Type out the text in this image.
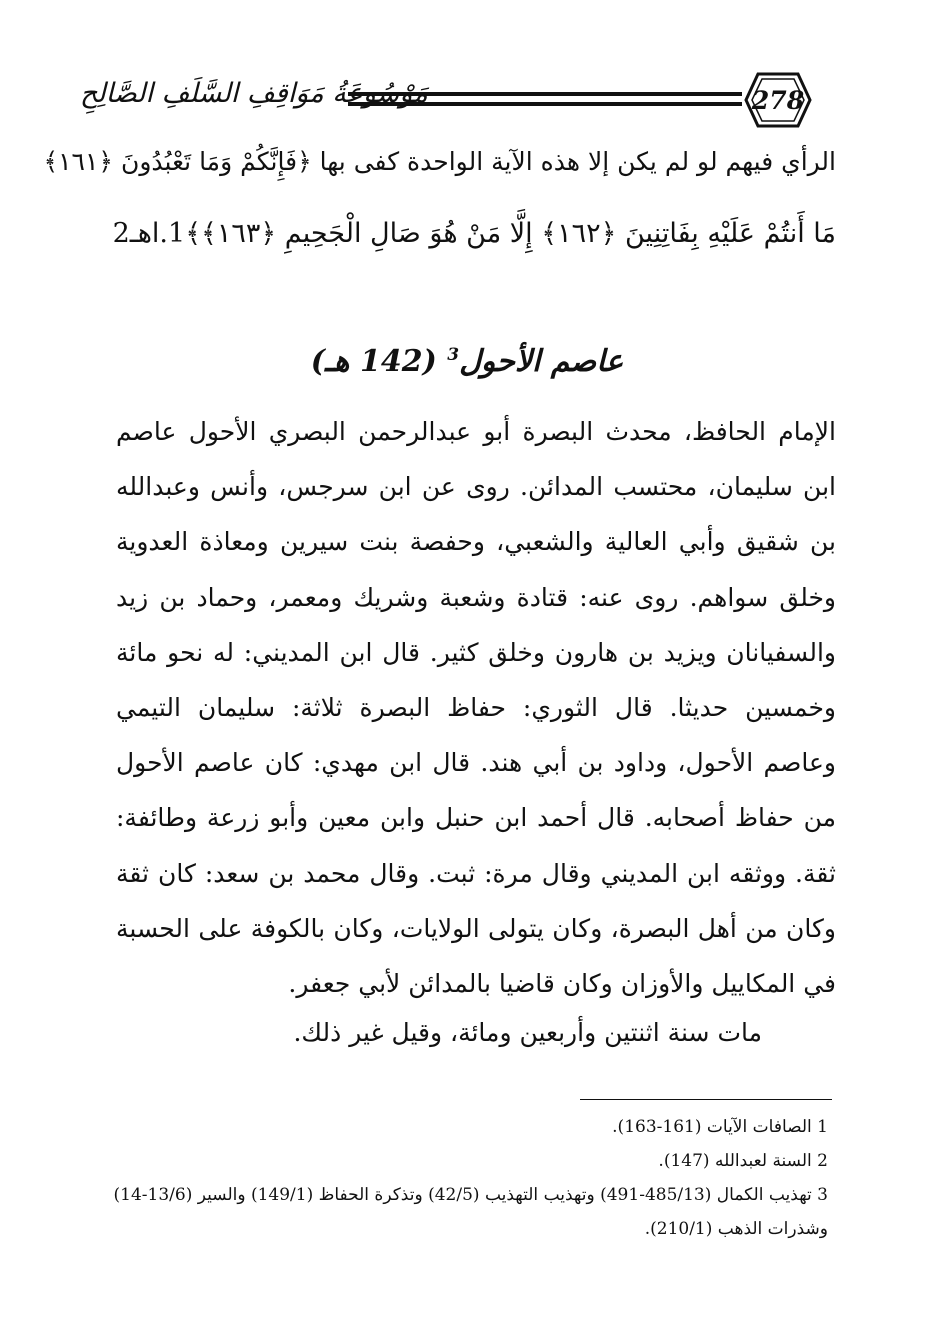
مَوْسُوعَةُ مَوَاقِفِ السَّلَفِ الصَّالِحِ	278
الرأي فيهم لو لم يكن إلا هذه الآية الواحدة كفى بها ﴿فَإِنَّكُمْ وَمَا تَعْبُدُونَ ﴿١٦١﴾
مَا أَنتُمْ عَلَيْهِ بِفَاتِنِينَ ﴿١٦٢﴾ إِلَّا مَنْ هُوَ صَالِ الْجَحِيمِ ﴿١٦٣﴾﴾1.اهـ2
عاصم الأحول$^3$ (142 هـ)
الإمام الحافظ، محدث البصرة أبو عبدالرحمن البصري الأحول عاصم ابن سليمان، محتسب المدائن. روى عن ابن سرجس، وأنس وعبدالله بن شقيق وأبي العالية والشعبي، وحفصة بنت سيرين ومعاذة العدوية وخلق سواهم. روى عنه: قتادة وشعبة وشريك ومعمر، وحماد بن زيد والسفيانان ويزيد بن هارون وخلق كثير. قال ابن المديني: له نحو مائة وخمسين حديثا. قال الثوري: حفاظ البصرة ثلاثة: سليمان التيمي وعاصم الأحول، وداود بن أبي هند. قال ابن مهدي: كان عاصم الأحول من حفاظ أصحابه. قال أحمد ابن حنبل وابن معين وأبو زرعة وطائفة: ثقة. ووثقه ابن المديني وقال مرة: ثبت. وقال محمد بن سعد: كان ثقة وكان من أهل البصرة، وكان يتولى الولايات، وكان بالكوفة على الحسبة في المكاييل والأوزان وكان قاضيا بالمدائن لأبي جعفر.
مات سنة اثنتين وأربعين ومائة، وقيل غير ذلك.

1 الصافات الآيات (161-163).

2 السنة لعبدالله (147).

3 تهذيب الكمال (485/13-491) وتهذيب التهذيب (42/5) وتذكرة الحفاظ (149/1) والسير (13/6-14) وشذرات الذهب (210/1).
